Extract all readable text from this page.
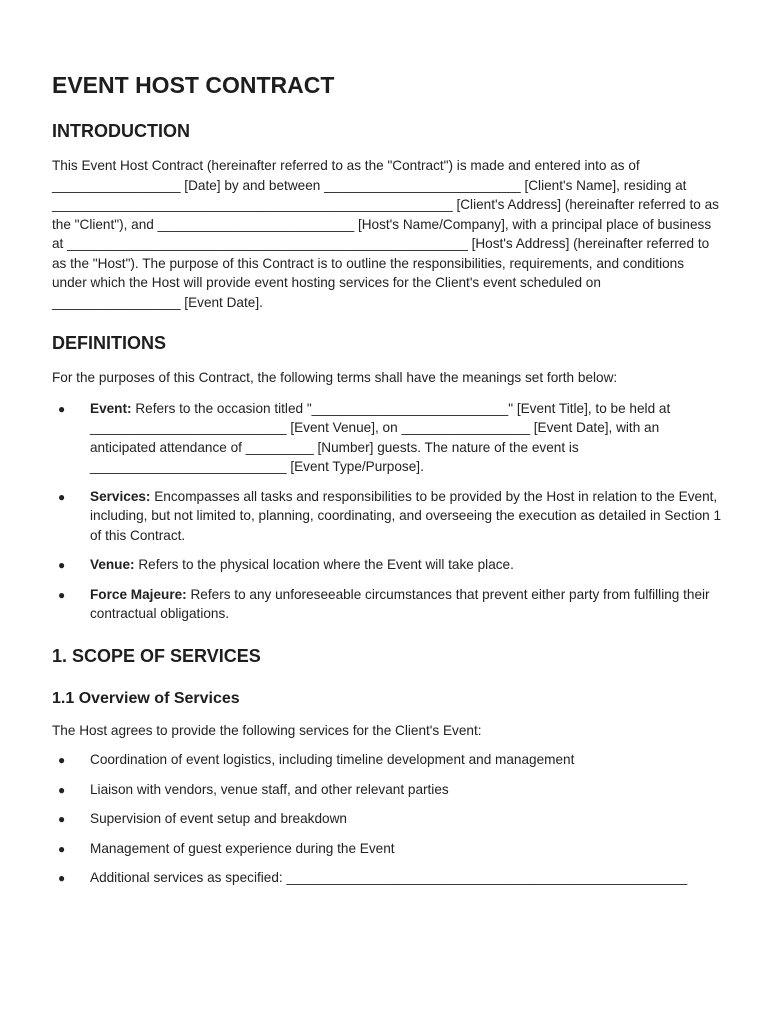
EVENT HOST CONTRACT
INTRODUCTION

This Event Host Contract (hereinafter referred to as the "Contract") is made and entered into as of _________________ [Date] by and between __________________________ [Client's Name], residing at _____________________________________________________ [Client's Address] (hereinafter referred to as the "Client"), and __________________________ [Host's Name/Company], with a principal place of business at _____________________________________________________ [Host's Address] (hereinafter referred to as the "Host"). The purpose of this Contract is to outline the responsibilities, requirements, and conditions under which the Host will provide event hosting services for the Client's event scheduled on _________________ [Event Date].

DEFINITIONS

For the purposes of this Contract, the following terms shall have the meanings set forth below:

● Event: Refers to the occasion titled "__________________________" [Event Title], to be held at __________________________ [Event Venue], on _________________ [Event Date], with an anticipated attendance of _________ [Number] guests. The nature of the event is __________________________ [Event Type/Purpose].
● Services: Encompasses all tasks and responsibilities to be provided by the Host in relation to the Event, including, but not limited to, planning, coordinating, and overseeing the execution as detailed in Section 1 of this Contract.
● Venue: Refers to the physical location where the Event will take place.
● Force Majeure: Refers to any unforeseeable circumstances that prevent either party from fulfilling their contractual obligations.
1. SCOPE OF SERVICES
1.1 Overview of Services

The Host agrees to provide the following services for the Client's Event:

● Coordination of event logistics, including timeline development and management
● Liaison with vendors, venue staff, and other relevant parties
● Supervision of event setup and breakdown
● Management of guest experience during the Event
● Additional services as specified: _____________________________________________________
